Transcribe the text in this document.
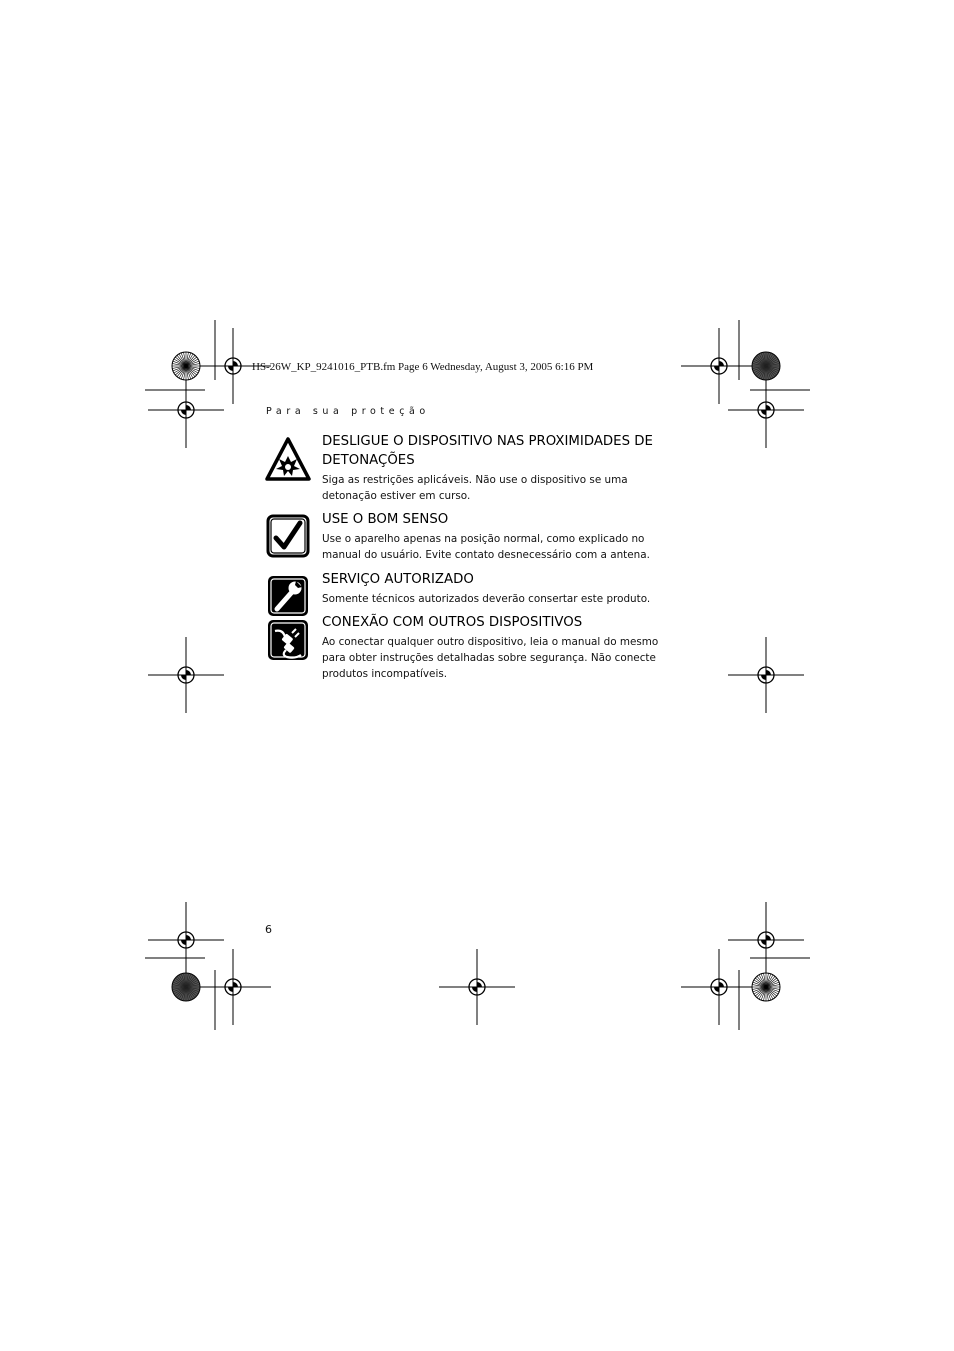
HS-26W_KP_9241016_PTB.fm Page 6 Wednesday, August 3, 2005 6:16 PM
Para sua proteção
DESLIGUE O DISPOSITIVO NAS PROXIMIDADES DE DETONAÇÕES

Siga as restrições aplicáveis. Não use o dispositivo se uma detonação estiver em curso.

USE O BOM SENSO

Use o aparelho apenas na posição normal, como explicado no manual do usuário. Evite contato desnecessário com a antena.

SERVIÇO AUTORIZADO

Somente técnicos autorizados deverão consertar este produto.

CONEXÃO COM OUTROS DISPOSITIVOS

Ao conectar qualquer outro dispositivo, leia o manual do mesmo para obter instruções detalhadas sobre segurança. Não conecte produtos incompatíveis.

6
